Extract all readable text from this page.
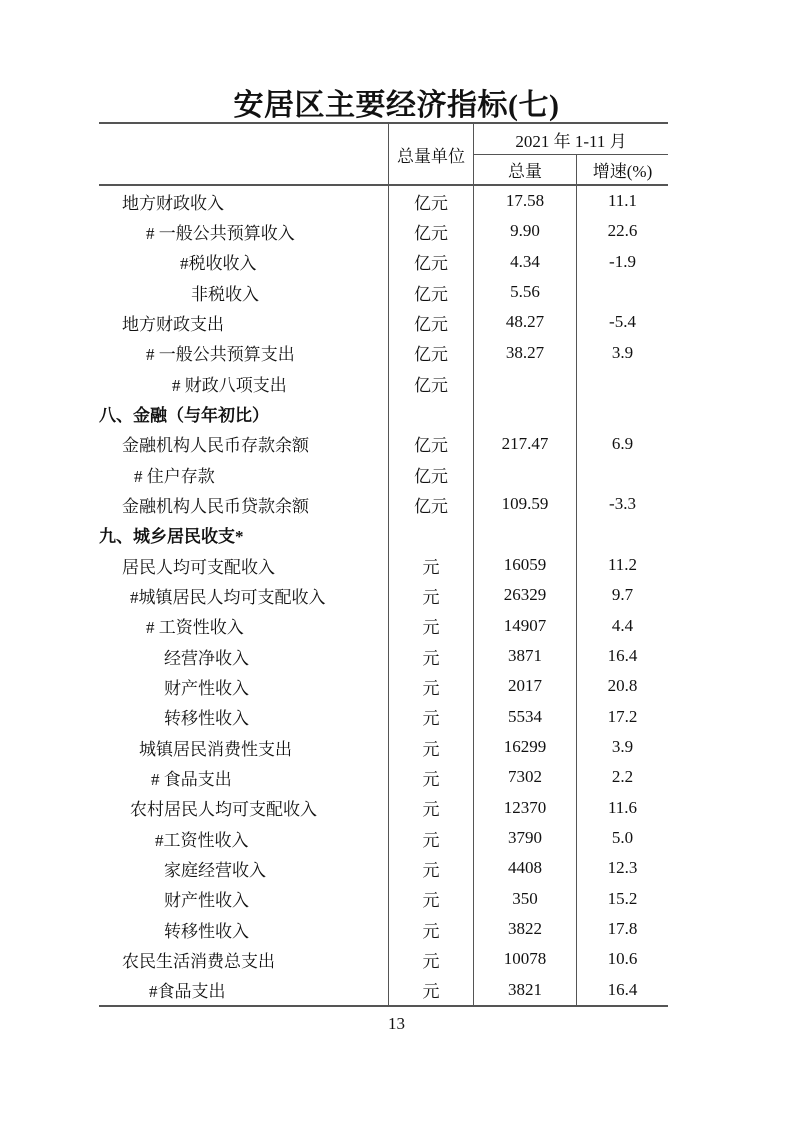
安居区主要经济指标(七)
总量单位
2021 年 1-11 月
总量	增速(%)
地方财政收入	亿元	17.58	11.1
# 一般公共预算收入	亿元	9.90	22.6
#税收收入	亿元	4.34	-1.9
非税收入	亿元	5.56
地方财政支出	亿元	48.27	-5.4
# 一般公共预算支出	亿元	38.27	3.9
# 财政八项支出	亿元
八、金融（与年初比）
金融机构人民币存款余额	亿元	217.47	6.9
# 住户存款	亿元
金融机构人民币贷款余额	亿元	109.59	-3.3
九、城乡居民收支*
居民人均可支配收入	元	16059	11.2
#城镇居民人均可支配收入	元	26329	9.7
# 工资性收入	元	14907	4.4
经营净收入	元	3871	16.4
财产性收入	元	2017	20.8
转移性收入	元	5534	17.2
城镇居民消费性支出	元	16299	3.9
# 食品支出	元	7302	2.2
农村居民人均可支配收入	元	12370	11.6
#工资性收入	元	3790	5.0
家庭经营收入	元	4408	12.3
财产性收入	元	350	15.2
转移性收入	元	3822	17.8
农民生活消费总支出	元	10078	10.6
#食品支出	元	3821	16.4
13
